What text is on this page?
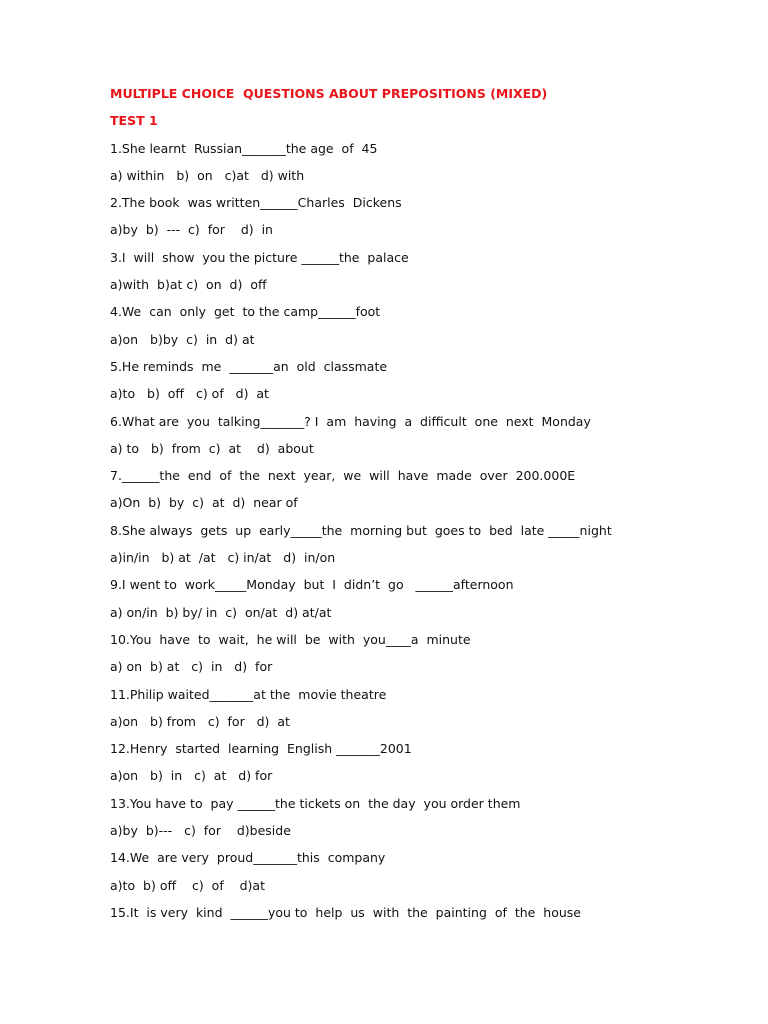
MULTIPLE CHOICE  QUESTIONS ABOUT PREPOSITIONS (MIXED)
TEST 1
1.She learnt  Russian_______the age  of  45
a) within   b)  on   c)at   d) with
2.The book  was written______Charles  Dickens
a)by  b)  ---  c)  for    d)  in
3.I  will  show  you the picture ______the  palace
a)with  b)at c)  on  d)  off
4.We  can  only  get  to the camp______foot
a)on   b)by  c)  in  d) at
5.He reminds  me  _______an  old  classmate
a)to   b)  off   c) of   d)  at
6.What are  you  talking_______? I  am  having  a  difficult  one  next  Monday
a) to   b)  from  c)  at    d)  about
7.______the  end  of  the  next  year,  we  will  have  made  over  200.000E
a)On  b)  by  c)  at  d)  near of
8.She always  gets  up  early_____the  morning but  goes to  bed  late _____night
a)in/in   b) at  /at   c) in/at   d)  in/on
9.I went to  work_____Monday  but  I  didn’t  go   ______afternoon
a) on/in  b) by/ in  c)  on/at  d) at/at
10.You  have  to  wait,  he will  be  with  you____a  minute
a) on  b) at   c)  in   d)  for
11.Philip waited_______at the  movie theatre
a)on   b) from   c)  for   d)  at
12.Henry  started  learning  English _______2001
a)on   b)  in   c)  at   d) for
13.You have to  pay ______the tickets on  the day  you order them
a)by  b)---   c)  for    d)beside
14.We  are very  proud_______this  company
a)to  b) off    c)  of    d)at
15.It  is very  kind  ______you to  help  us  with  the  painting  of  the  house
